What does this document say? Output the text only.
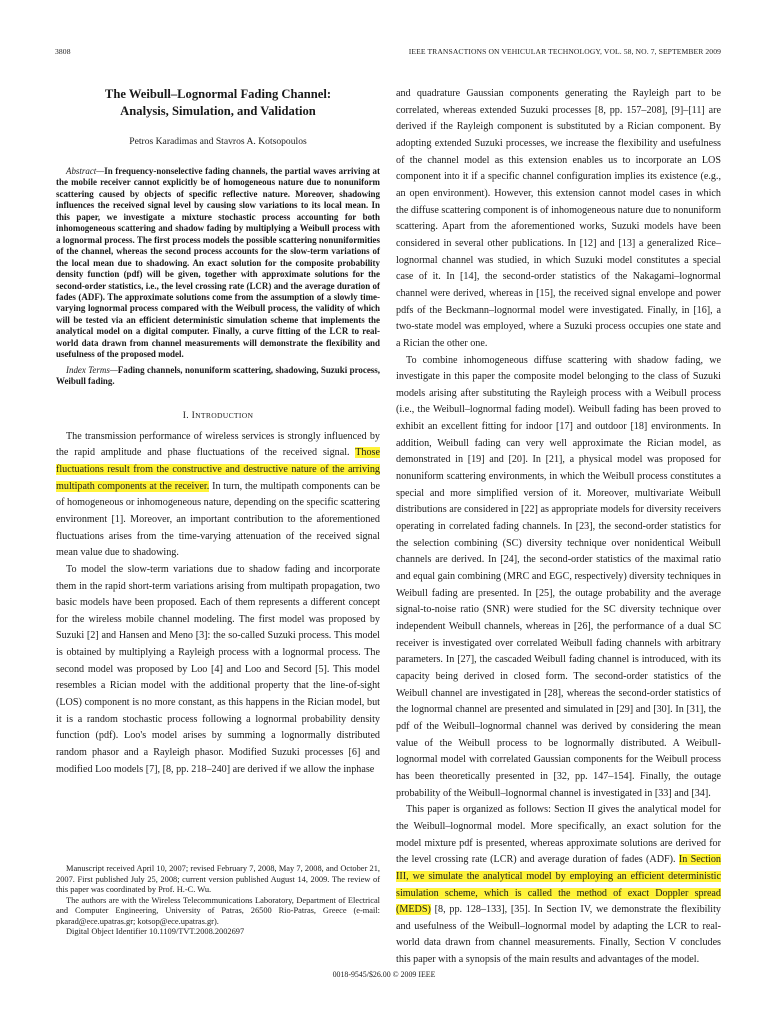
3808	IEEE TRANSACTIONS ON VEHICULAR TECHNOLOGY, VOL. 58, NO. 7, SEPTEMBER 2009
The Weibull–Lognormal Fading Channel:
Analysis, Simulation, and Validation
Petros Karadimas and Stavros A. Kotsopoulos

Abstract—In frequency-nonselective fading channels, the partial waves arriving at the mobile receiver cannot explicitly be of homogeneous nature due to nonuniform scattering caused by objects of specific reflective nature. Moreover, shadowing influences the received signal level by causing slow variations to its local mean. In this paper, we investigate a mixture stochastic process accounting for both inhomogeneous scattering and shadow fading by multiplying a Weibull process with a lognormal process. The first process models the possible scattering nonuniformities of the channel, whereas the second process accounts for the slow-term variations of the local mean due to shadowing. An exact solution for the composite probability density function (pdf) will be given, together with approximate solutions for the second-order statistics, i.e., the level crossing rate (LCR) and the average duration of fades (ADF). The approximate solutions come from the assumption of a slowly time-varying lognormal process compared with the Weibull process, the validity of which will be tested via an efficient deterministic simulation scheme that implements the analytical model on a digital computer. Finally, a curve fitting of the LCR to real-world data drawn from channel measurements will demonstrate the flexibility and usefulness of the proposed model.

Index Terms—Fading channels, nonuniform scattering, shadowing, Suzuki process, Weibull fading.

I. INTRODUCTION

The transmission performance of wireless services is strongly influenced by the rapid amplitude and phase fluctuations of the received signal. Those fluctuations result from the constructive and destructive nature of the arriving multipath components at the receiver. In turn, the multipath components can be of homogeneous or inhomogeneous nature, depending on the specific scattering environment [1]. Moreover, an important contribution to the aforementioned fluctuations arises from the time-varying attenuation of the received signal mean value due to shadowing.

To model the slow-term variations due to shadow fading and incorporate them in the rapid short-term variations arising from multipath propagation, two basic models have been proposed. Each of them represents a different concept for the wireless mobile channel modeling. The first model was proposed by Suzuki [2] and Hansen and Meno [3]: the so-called Suzuki process. This model is obtained by multiplying a Rayleigh process with a lognormal process. The second model was proposed by Loo [4] and Loo and Secord [5]. This model resembles a Rician model with the additional property that the line-of-sight (LOS) component is no more constant, as this happens in the Rician model, but it is a random stochastic process following a lognormal probability density function (pdf). Loo's model arises by summing a lognormally distributed random phasor and a Rayleigh phasor. Modified Suzuki processes [6] and modified Loo models [7], [8, pp. 218–240] are derived if we allow the inphase

Manuscript received April 10, 2007; revised February 7, 2008, May 7, 2008, and October 21, 2007. First published July 25, 2008; current version published August 14, 2009. The review of this paper was coordinated by Prof. H.-C. Wu.

The authors are with the Wireless Telecommunications Laboratory, Department of Electrical and Computer Engineering, University of Patras, 26500 Rio-Patras, Greece (e-mail: pkarad@ece.upatras.gr; kotsop@ece.upatras.gr).

Digital Object Identifier 10.1109/TVT.2008.2002697

and quadrature Gaussian components generating the Rayleigh part to be correlated, whereas extended Suzuki processes [8, pp. 157–208], [9]–[11] are derived if the Rayleigh component is substituted by a Rician component. By adopting extended Suzuki processes, we increase the flexibility and usefulness of the channel model as this extension enables us to incorporate an LOS component into it if a specific channel configuration implies its existence (e.g., an open environment). However, this extension cannot model cases in which the diffuse scattering component is of inhomogeneous nature due to nonuniform scattering. Apart from the aforementioned works, Suzuki models have been considered in several other publications. In [12] and [13] a generalized Rice–lognormal channel was studied, in which Suzuki model constitutes a special case of it. In [14], the second-order statistics of the Nakagami–lognormal channel were derived, whereas in [15], the received signal envelope and power pdfs of the Beckmann–lognormal model were investigated. Finally, in [16], a two-state model was employed, where a Suzuki process occupies one state and a Rician the other one.

To combine inhomogeneous diffuse scattering with shadow fading, we investigate in this paper the composite model belonging to the class of Suzuki models arising after substituting the Rayleigh process with a Weibull process (i.e., the Weibull–lognormal fading model). Weibull fading has been proved to exhibit an excellent fitting for indoor [17] and outdoor [18] environments. In addition, Weibull fading can very well approximate the Rician model, as demonstrated in [19] and [20]. In [21], a physical model was proposed for nonuniform scattering environments, in which the Weibull process constitutes a special and more simplified version of it. Moreover, multivariate Weibull distributions are considered in [22] as appropriate models for diversity receivers operating in correlated fading channels. In [23], the second-order statistics for the selection combining (SC) diversity technique over nonidentical Weibull channels are derived. In [24], the second-order statistics of the maximal ratio and equal gain combining (MRC and EGC, respectively) diversity techniques in Weibull fading are presented. In [25], the outage probability and the average signal-to-noise ratio (SNR) were studied for the SC diversity technique over independent Weibull channels, whereas in [26], the performance of a dual SC receiver is investigated over correlated Weibull fading channels with arbitrary parameters. In [27], the cascaded Weibull fading channel is introduced, with its capacity being derived in closed form. The second-order statistics of the Weibull channel are investigated in [28], whereas the second-order statistics of the lognormal channel are presented and simulated in [29] and [30]. In [31], the pdf of the Weibull–lognormal channel was derived by considering the mean value of the Weibull process to be lognormally distributed. A Weibull-lognormal model with correlated Gaussian components for the Weibull process has been theoretically presented in [32, pp. 147–154]. Finally, the outage probability of the Weibull–lognormal channel is investigated in [33] and [34].

This paper is organized as follows: Section II gives the analytical model for the Weibull–lognormal model. More specifically, an exact solution for the model mixture pdf is presented, whereas approximate solutions are derived for the level crossing rate (LCR) and average duration of fades (ADF). In Section III, we simulate the analytical model by employing an efficient deterministic simulation scheme, which is called the method of exact Doppler spread (MEDS) [8, pp. 128–133], [35]. In Section IV, we demonstrate the flexibility and usefulness of the Weibull–lognormal model by adapting the LCR to real-world data drawn from channel measurements. Finally, Section V concludes this paper with a synopsis of the main results and advantages of the model.

0018-9545/$26.00 © 2009 IEEE
